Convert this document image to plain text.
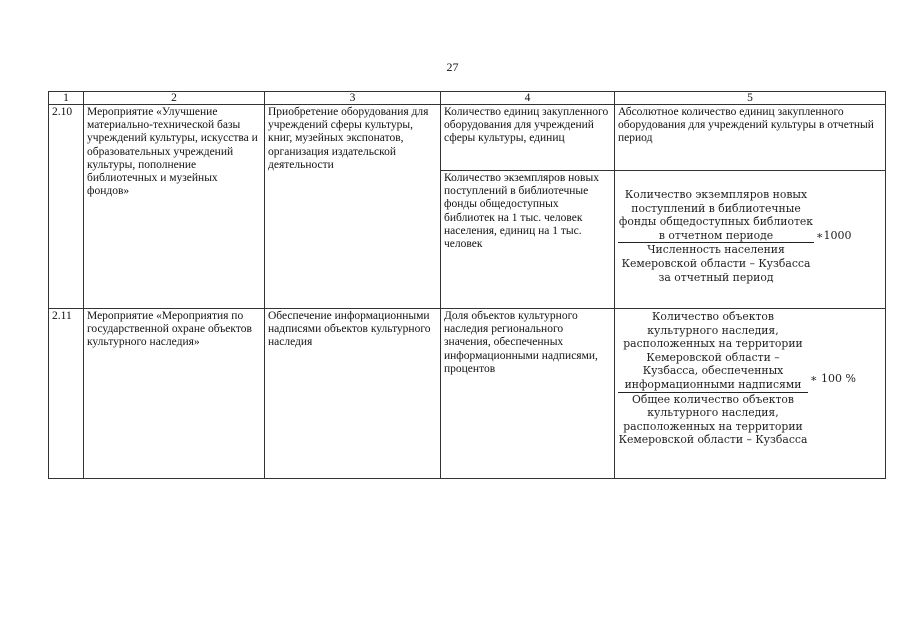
27
1	2	3	4	5
2.10	Мероприятие «Улучшение материально-технической базы учреждений культуры, искусства и образовательных учреждений культуры, пополнение библиотечных и музейных фондов»	Приобретение оборудования для учреждений сферы культуры, книг, музейных экспонатов, организация издательской деятельности	Количество единиц закупленного оборудования для учреждений сферы культуры, единиц	Абсолютное количество единиц закупленного оборудования для учреждений культуры в отчетный период
			Количество экземпляров новых поступлений в библиотечные фонды общедоступных библиотек на 1 тыс. человек населения, единиц на 1 тыс. человек	Количество экземпляров новых поступлений в библиотечные фонды общедоступных библиотек в отчетном периоде
Численность населения Кемеровской области – Кузбасса за отчетный период
∗1000

2.11	Мероприятие «Мероприятия по государственной охране объектов культурного наследия»	Обеспечение информационными надписями объектов культурного наследия	Доля объектов культурного наследия регионального значения, обеспеченных информационными надписями, процентов	Количество объектов культурного наследия, расположенных на территории Кемеровской области – Кузбасса, обеспеченных информационными надписями
Общее количество объектов культурного наследия, расположенных на территории Кемеровской области – Кузбасса
∗ 100 %
